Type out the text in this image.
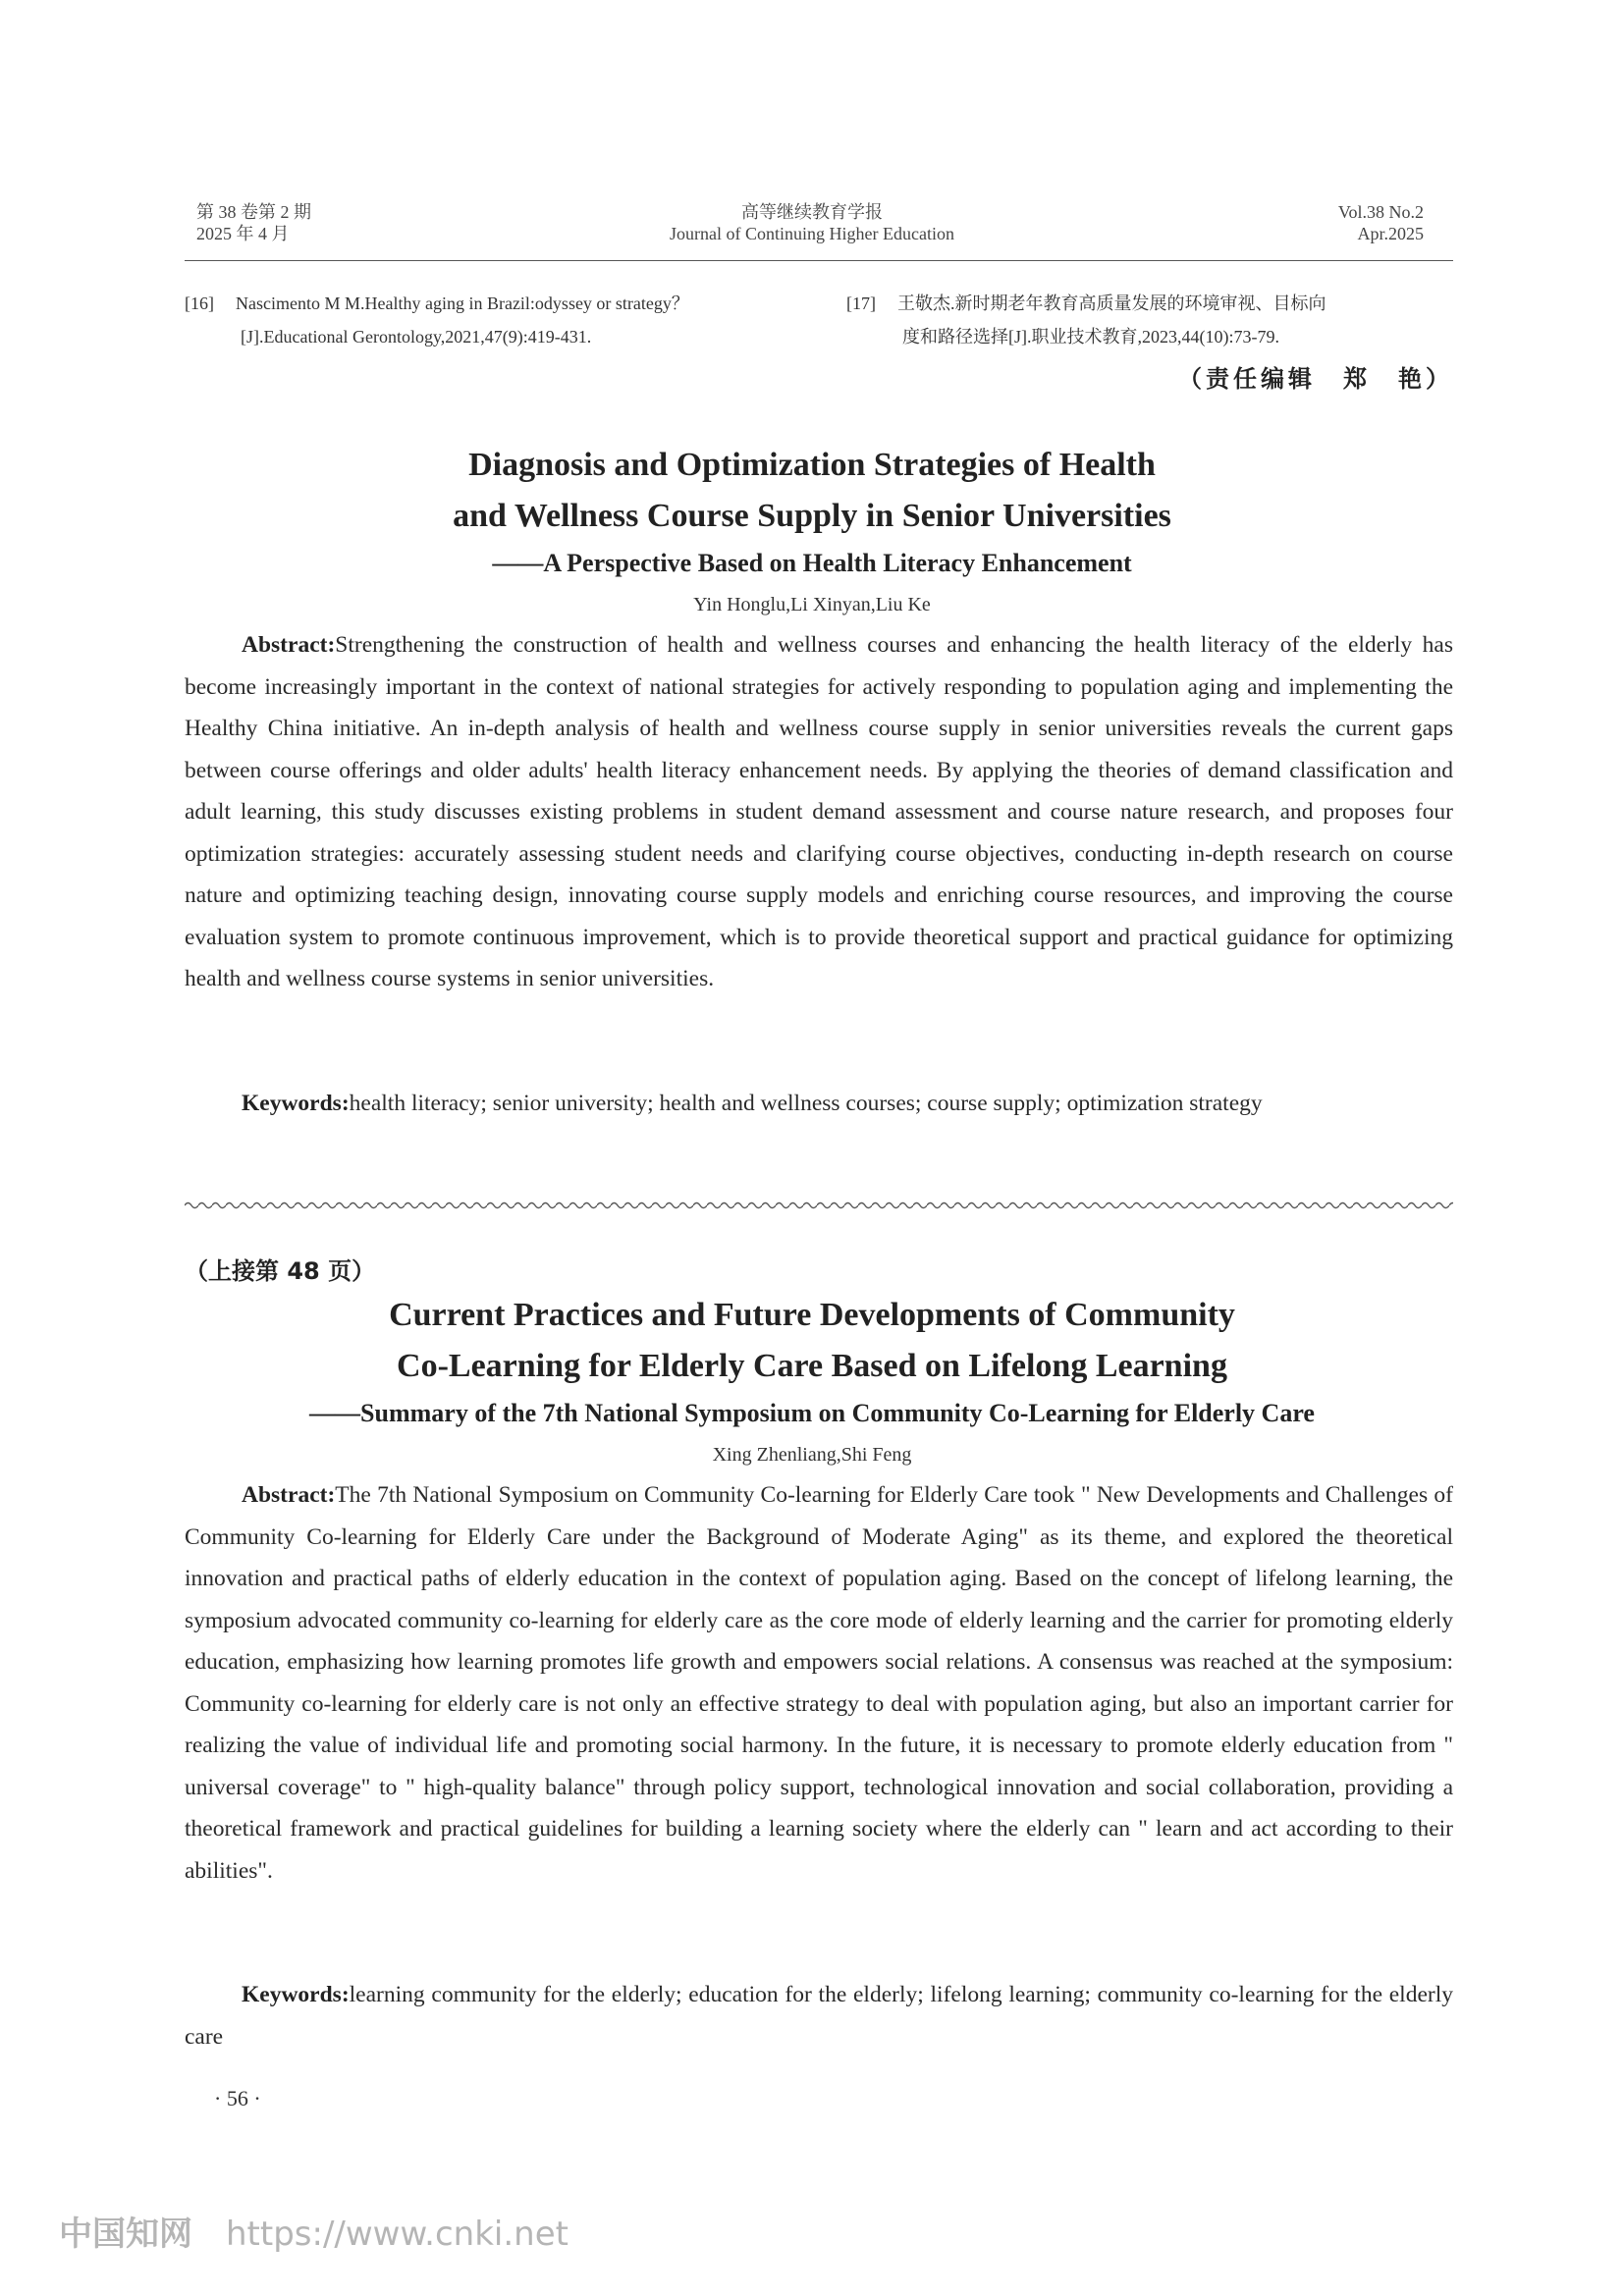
第 38 卷第 2 期
2025 年 4 月
高等继续教育学报
Journal of Continuing Higher Education
Vol.38 No.2
Apr.2025
[16] Nascimento M M.Healthy aging in Brazil:odyssey or strategy？
[J].Educational Gerontology,2021,47(9):419-431.
[17] 王敬杰.新时期老年教育高质量发展的环境审视、目标向
度和路径选择[J].职业技术教育,2023,44(10):73-79.
（责任编辑　郑　艳）
Diagnosis and Optimization Strategies of Health
and Wellness Course Supply in Senior Universities
——A Perspective Based on Health Literacy Enhancement
Yin Honglu,Li Xinyan,Liu Ke
Abstract:Strengthening the construction of health and wellness courses and enhancing the health literacy of the elderly has become increasingly important in the context of national strategies for actively responding to population aging and implementing the Healthy China initiative. An in-depth analysis of health and wellness course supply in senior universities reveals the current gaps between course offerings and older adults' health literacy enhancement needs. By applying the theories of demand classification and adult learning, this study discusses existing problems in student demand assessment and course nature research, and proposes four optimization strategies: accurately assessing student needs and clarifying course objectives, conducting in-depth research on course nature and optimizing teaching design, innovating course supply models and enriching course resources, and improving the course evaluation system to promote continuous improvement, which is to provide theoretical support and practical guidance for optimizing health and wellness course systems in senior universities.
Keywords:health literacy; senior university; health and wellness courses; course supply; optimization strategy
（上接第 48 页）
Current Practices and Future Developments of Community
Co-Learning for Elderly Care Based on Lifelong Learning
——Summary of the 7th National Symposium on Community Co-Learning for Elderly Care
Xing Zhenliang,Shi Feng
Abstract:The 7th National Symposium on Community Co-learning for Elderly Care took " New Developments and Challenges of Community Co-learning for Elderly Care under the Background of Moderate Aging" as its theme, and explored the theoretical innovation and practical paths of elderly education in the context of population aging. Based on the concept of lifelong learning, the symposium advocated community co-learning for elderly care as the core mode of elderly learning and the carrier for promoting elderly education, emphasizing how learning promotes life growth and empowers social relations. A consensus was reached at the symposium: Community co-learning for elderly care is not only an effective strategy to deal with population aging, but also an important carrier for realizing the value of individual life and promoting social harmony. In the future, it is necessary to promote elderly education from " universal coverage" to " high-quality balance" through policy support, technological innovation and social collaboration, providing a theoretical framework and practical guidelines for building a learning society where the elderly can " learn and act according to their abilities".
Keywords:learning community for the elderly; education for the elderly; lifelong learning; community co-learning for the elderly care
· 56 ·
中国知网 https://www.cnki.net
